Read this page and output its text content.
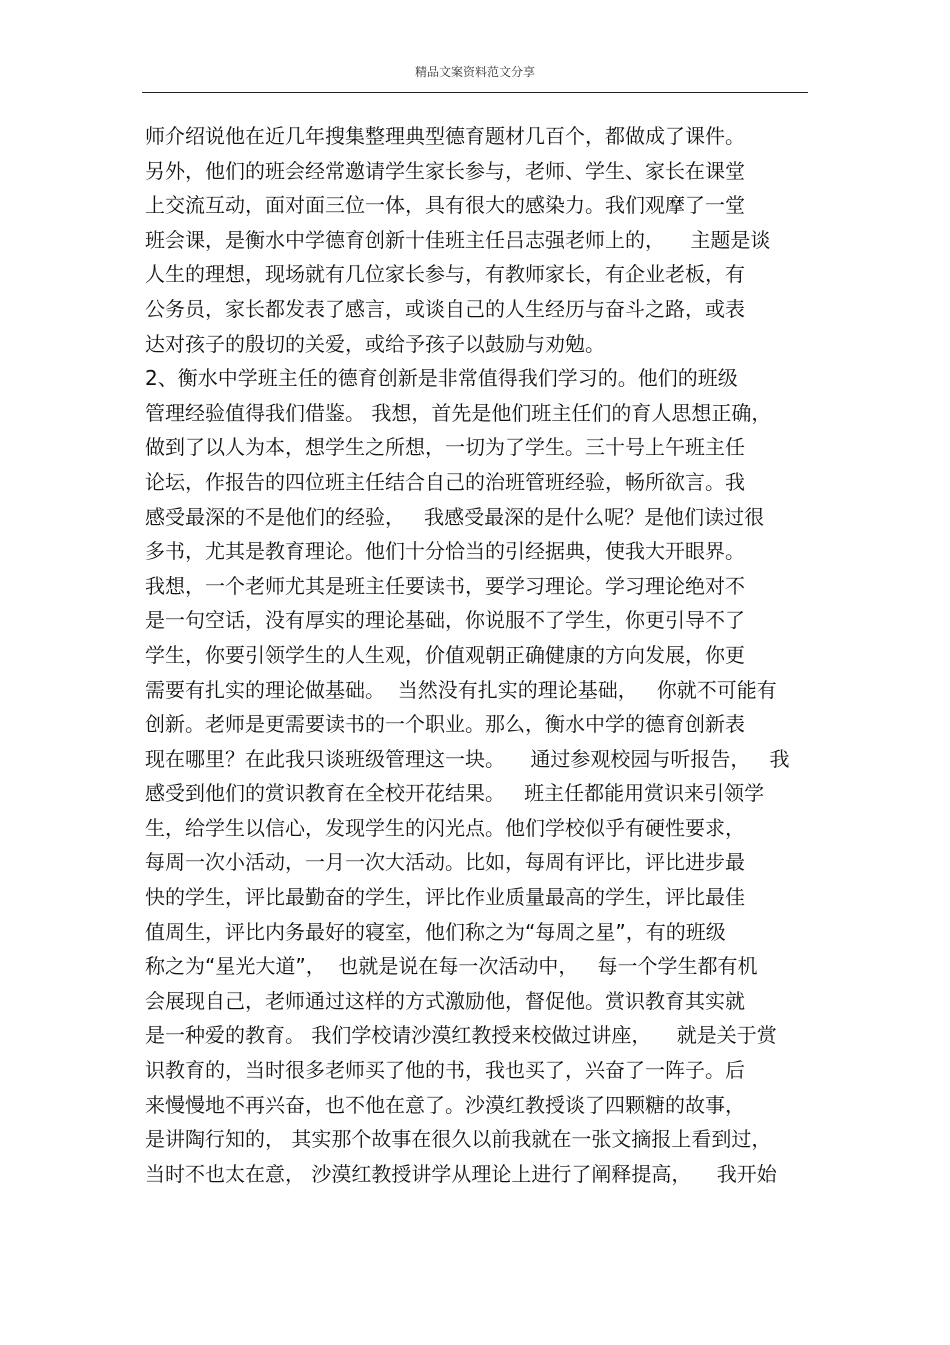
精品文案资料范文分享
师介绍说他在近几年搜集整理典型德育题材几百个，都做成了课件。
另外，他们的班会经常邀请学生家长参与，老师、学生、家长在课堂
上交流互动，面对面三位一体，具有很大的感染力。我们观摩了一堂
班会课，是衡水中学德育创新十佳班主任吕志强老师上的，    主题是谈
人生的理想，现场就有几位家长参与，有教师家长，有企业老板，有
公务员，家长都发表了感言，或谈自己的人生经历与奋斗之路，或表
达对孩子的殷切的关爱，或给予孩子以鼓励与劝勉。
2、衡水中学班主任的德育创新是非常值得我们学习的。他们的班级
管理经验值得我们借鉴。 我想，首先是他们班主任们的育人思想正确，
做到了以人为本，想学生之所想，一切为了学生。三十号上午班主任
论坛，作报告的四位班主任结合自己的治班管班经验，畅所欲言。我
感受最深的不是他们的经验，   我感受最深的是什么呢？是他们读过很
多书，尤其是教育理论。他们十分恰当的引经据典，使我大开眼界。
我想，一个老师尤其是班主任要读书，要学习理论。学习理论绝对不
是一句空话，没有厚实的理论基础，你说服不了学生，你更引导不了
学生，你要引领学生的人生观，价值观朝正确健康的方向发展，你更
需要有扎实的理论做基础。  当然没有扎实的理论基础，   你就不可能有
创新。老师是更需要读书的一个职业。那么，衡水中学的德育创新表
现在哪里？在此我只谈班级管理这一块。    通过参观校园与听报告，   我
感受到他们的赏识教育在全校开花结果。   班主任都能用赏识来引领学
生，给学生以信心，发现学生的闪光点。他们学校似乎有硬性要求，
每周一次小活动，一月一次大活动。比如，每周有评比，评比进步最
快的学生，评比最勤奋的学生，评比作业质量最高的学生，评比最佳
值周生，评比内务最好的寝室，他们称之为“每周之星”，有的班级
称之为“星光大道”，  也就是说在每一次活动中，   每一个学生都有机
会展现自己，老师通过这样的方式激励他，督促他。赏识教育其实就
是一种爱的教育。 我们学校请沙漠红教授来校做过讲座，    就是关于赏
识教育的，当时很多老师买了他的书，我也买了，兴奋了一阵子。后
来慢慢地不再兴奋，也不他在意了。沙漠红教授谈了四颗糖的故事，
是讲陶行知的， 其实那个故事在很久以前我就在一张文摘报上看到过，
当时不也太在意， 沙漠红教授讲学从理论上进行了阐释提高，    我开始
